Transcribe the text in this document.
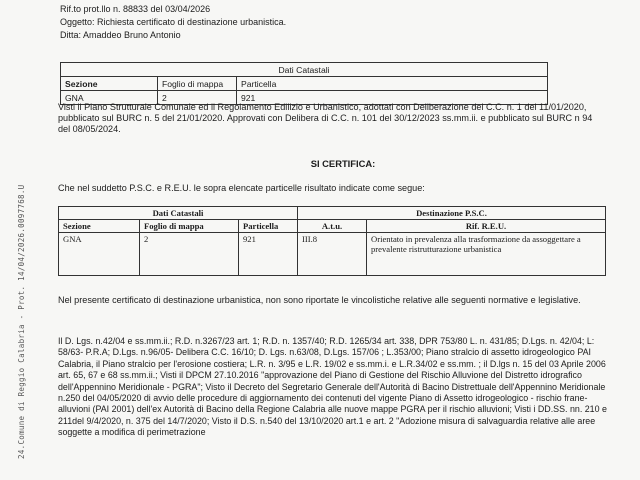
24.Comune di Reggio Calabria - Prot. 14/04/2026.0097768.U
Rif.to prot.llo n. 88833 del 03/04/2026
Oggetto: Richiesta certificato di destinazione urbanistica.
Ditta: Amaddeo Bruno Antonio
Dati Catastali		
Sezione	Foglio di mappa	Particella
GNA	2	921
Visti il Piano Strutturale Comunale ed il Regolamento Edilizio e Urbanistico, adottati con Deliberazione del C.C. n. 1 del 11/01/2020, pubblicato sul BURC n. 5 del 21/01/2020. Approvati con Delibera di C.C. n. 101 del 30/12/2023 ss.mm.ii. e pubblicato sul BURC n 94 del 08/05/2024.
SI CERTIFICA:
Che nel suddetto P.S.C. e R.E.U. le sopra elencate particelle risultato indicate come segue:
Dati Catastali			Destinazione P.S.C.	
Sezione	Foglio di mappa	Particella	A.t.u.	Rif. R.E.U.
GNA	2	921	III.8	Orientato in prevalenza alla trasformazione da assoggettare a prevalente ristrutturazione urbanistica
Nel presente certificato di destinazione urbanistica, non sono riportate le vincolistiche relative alle seguenti normative e legislative.
Il D. Lgs. n.42/04 e ss.mm.ii.; R.D. n.3267/23 art. 1; R.D. n. 1357/40; R.D. 1265/34 art. 338, DPR 753/80 L. n. 431/85; D.Lgs. n. 42/04; L: 58/63- P.R.A; D.Lgs. n.96/05- Delibera C.C. 16/10; D. Lgs. n.63/08, D.Lgs. 157/06 ; L.353/00; Piano stralcio di assetto idrogeologico PAI Calabria, il Piano stralcio per l'erosione costiera; L.R. n. 3/95 e L.R. 19/02 e ss.mm.i. e L.R.34/02 e ss.mm. ; il D.lgs n. 15 del 03 Aprile 2006 art. 65, 67 e 68 ss.mm.ii.; Visti il DPCM 27.10.2016 "approvazione del Piano di Gestione del Rischio Alluvione del Distretto idrografico dell'Appennino Meridionale - PGRA"; Visto il Decreto del Segretario Generale dell'Autorità di Bacino Distrettuale dell'Appennino Meridionale n.250 del 04/05/2020 di avvio delle procedure di aggiornamento dei contenuti del vigente Piano di Assetto idrogeologico - rischio frane- alluvioni (PAI 2001) dell'ex Autorità di Bacino della Regione Calabria alle nuove mappe PGRA per il rischio alluvioni; Visti i DD.SS. nn. 210 e 211del 9/4/2020, n. 375 del 14/7/2020; Visto il D.S. n.540 del 13/10/2020 art.1 e art. 2 "Adozione misura di salvaguardia relative alle aree soggette a modifica di perimetrazione
